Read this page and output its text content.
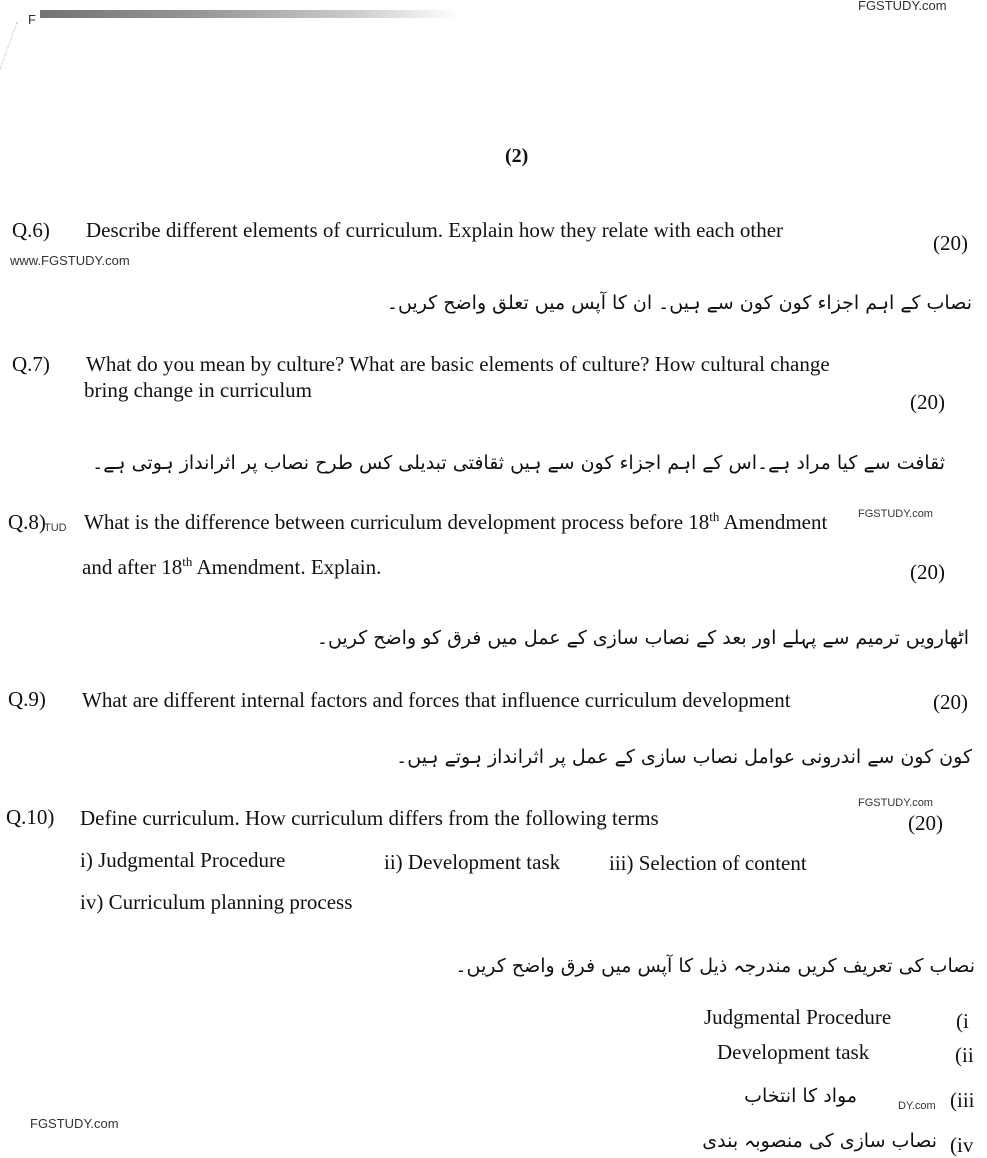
F
FGSTUDY.com
(2)
Q.6) Describe different elements of curriculum. Explain how they relate with each other
(20)
www.FGSTUDY.com
نصاب کے اہم اجزاء کون کون سے ہیں۔ ان کا آپس میں تعلق واضح کریں۔
Q.7) What do you mean by culture? What are basic elements of culture? How cultural change
bring change in curriculum	(20)
ثقافت سے کیا مراد ہے۔اس کے اہم اجزاء کون سے ہیں ثقافتی تبدیلی کس طرح نصاب پر اثرانداز ہوتی ہے۔
Q.8)
TUD What is the difference between curriculum development process before 18th Amendment	FGSTUDY.com
and after 18th Amendment. Explain.	(20)
اٹھارویں ترمیم سے پہلے اور بعد کے نصاب سازی کے عمل میں فرق کو واضح کریں۔
Q.9) What are different internal factors and forces that influence curriculum development	(20)
کون کون سے اندرونی عوامل نصاب سازی کے عمل پر اثرانداز ہوتے ہیں۔
Q.10) Define curriculum. How curriculum differs from the following terms
FGSTUDY.com
(20)
i) Judgmental Procedure	ii) Development task iii) Selection of content
iv) Curriculum planning process
نصاب کی تعریف کریں مندرجہ ذیل کا آپس میں فرق واضح کریں۔
Judgmental Procedure	(i
Development task	(ii
مواد کا انتخاب	(iii
نصاب سازی کی منصوبہ بندی (iv
FGSTUDY.com
DY.com
